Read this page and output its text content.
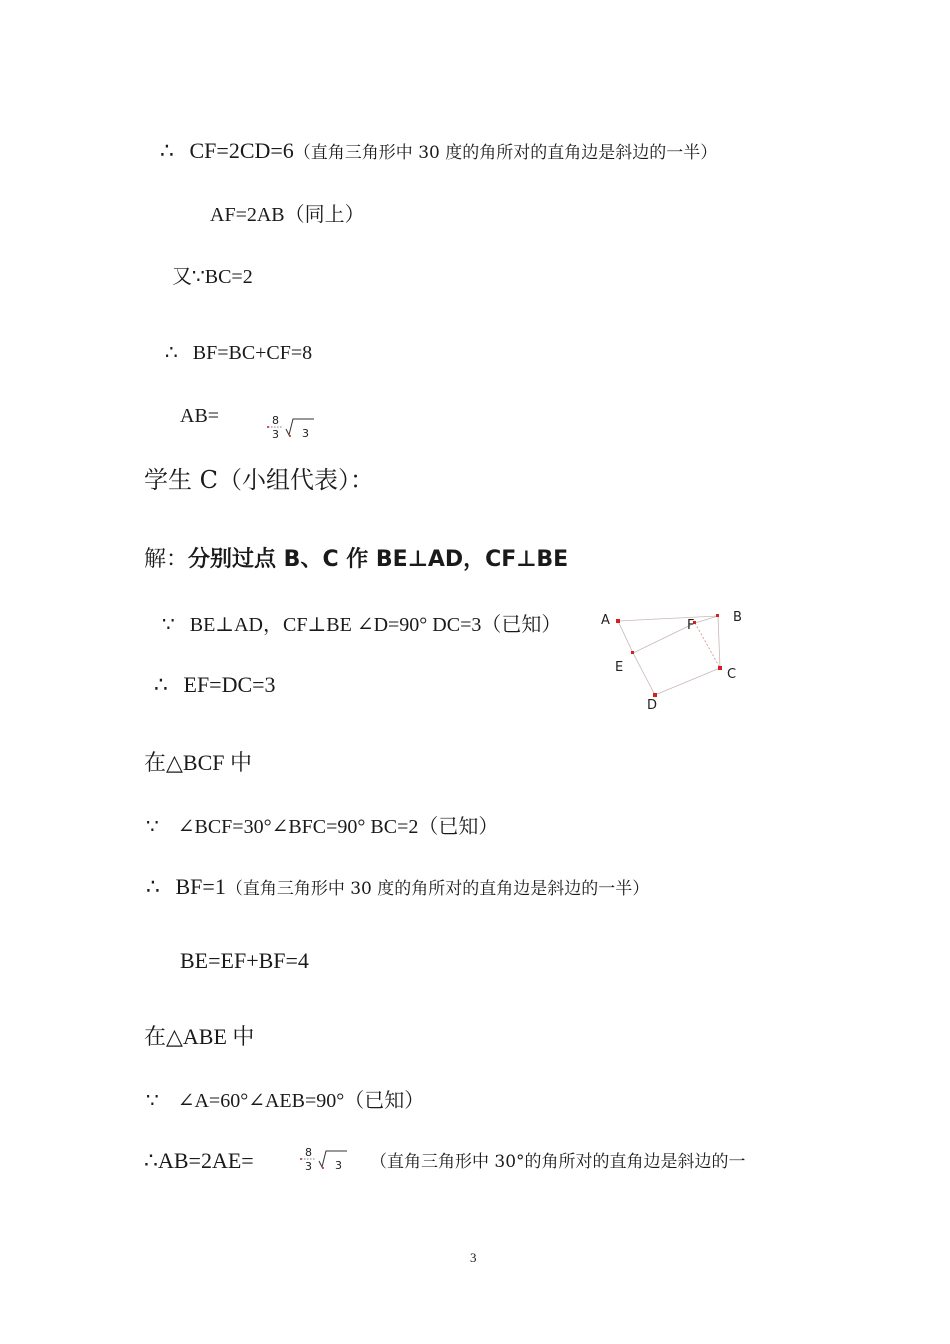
∴ CF=2CD=6（直角三角形中 30 度的角所对的直角边是斜边的一半）
AF=2AB（同上）
又∵BC=2
∴ BF=BC+CF=8
AB=	8
3 3
学生 C（小组代表）：
解：分别过点 B、C 作 BE⊥AD，CF⊥BE
∵ BE⊥AD，CF⊥BE ∠D=90° DC=3（已知）
∴ EF=DC=3
A	B
C
D
E
F
在△BCF 中
∵ ∠BCF=30°∠BFC=90° BC=2（已知）
∴ BF=1（直角三角形中 30 度的角所对的直角边是斜边的一半）
BE=EF+BF=4
在△ABE 中
∵ ∠A=60°∠AEB=90°（已知）
∴AB=2AE=	8
3 3 （直角三角形中 30°的角所对的直角边是斜边的一
3
